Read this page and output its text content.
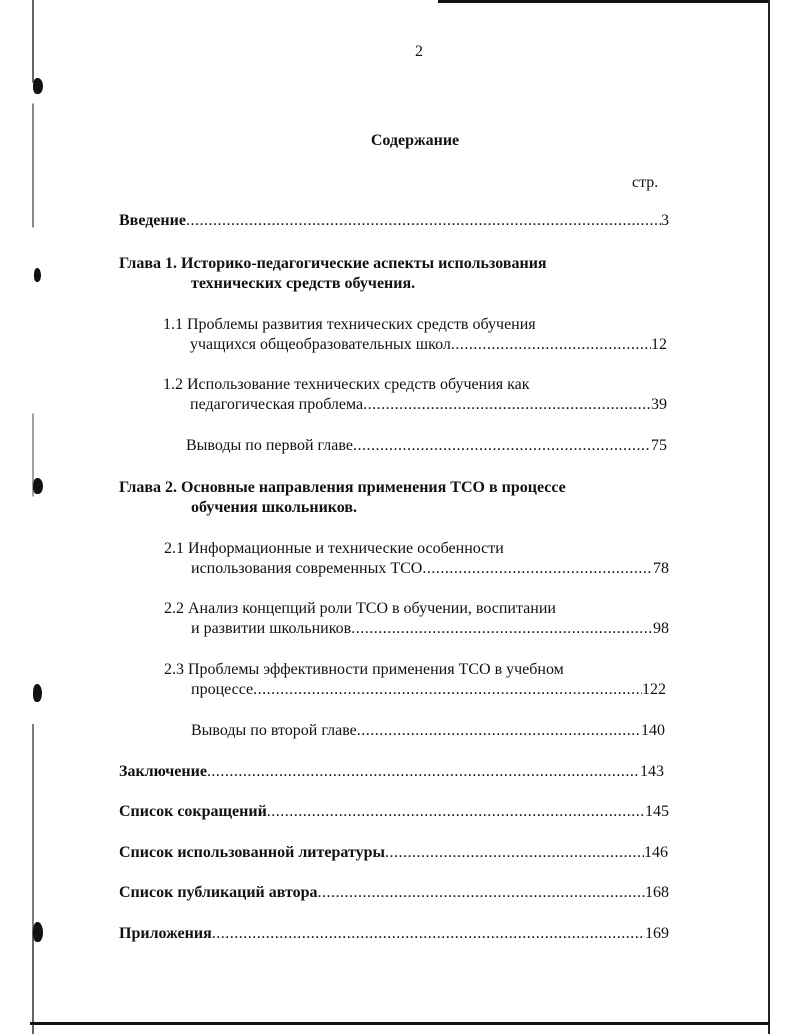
2
Содержание
стр.
Введение .....	3
Глава 1. Историко-педагогические аспекты использования
технических средств обучения.
1.1 Проблемы развития технических средств обучения
учащихся общеобразовательных школ .....	12
1.2 Использование технических средств обучения как
педагогическая проблема .....	39
Выводы по первой главе .....	75
Глава 2. Основные направления применения ТСО в процессе
обучения школьников.
2.1 Информационные и технические особенности
использования современных ТСО .....	78
2.2 Анализ концепций роли ТСО в обучении, воспитании
и развитии школьников .....	98
2.3 Проблемы эффективности применения ТСО в учебном
процессе .....	122
Выводы по второй главе .....	140
Заключение .....	143
Список сокращений .....	145
Список использованной литературы .....	146
Список публикаций автора .....	168
Приложения .....	169
